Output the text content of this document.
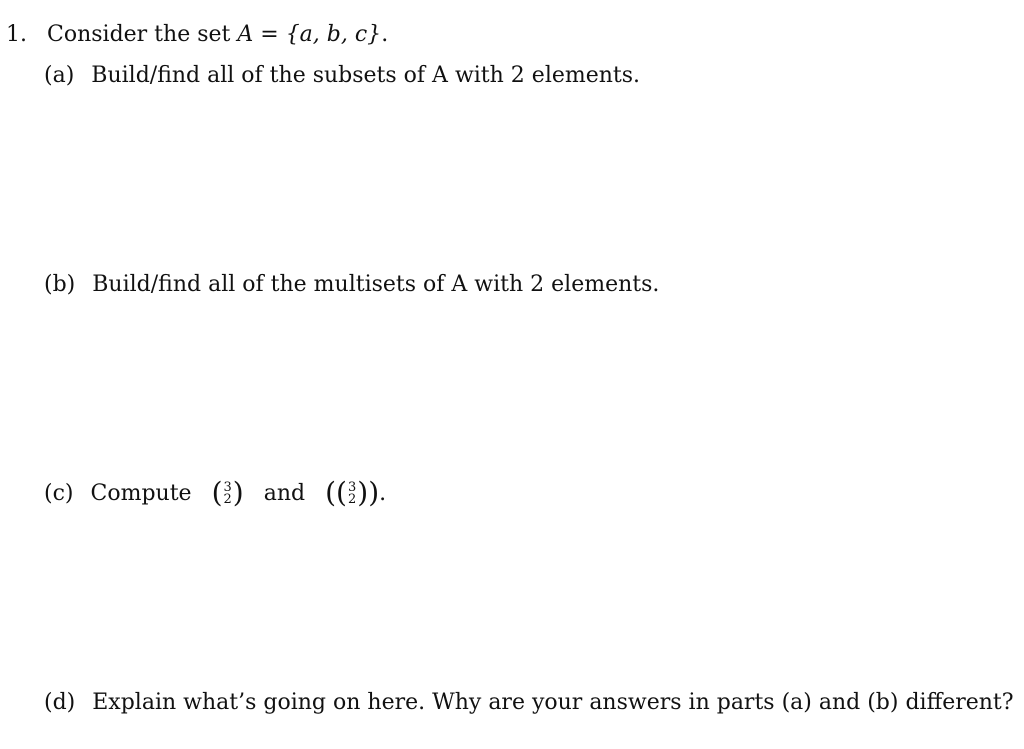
1. Consider the set A = {a, b, c}.
(a) Build/find all of the subsets of A with 2 elements.
(b) Build/find all of the multisets of A with 2 elements.
(c) Compute ( 3
2 ) and ( ( 3
2 ) ) .
(d) Explain what’s going on here. Why are your answers in parts (a) and (b) different?
